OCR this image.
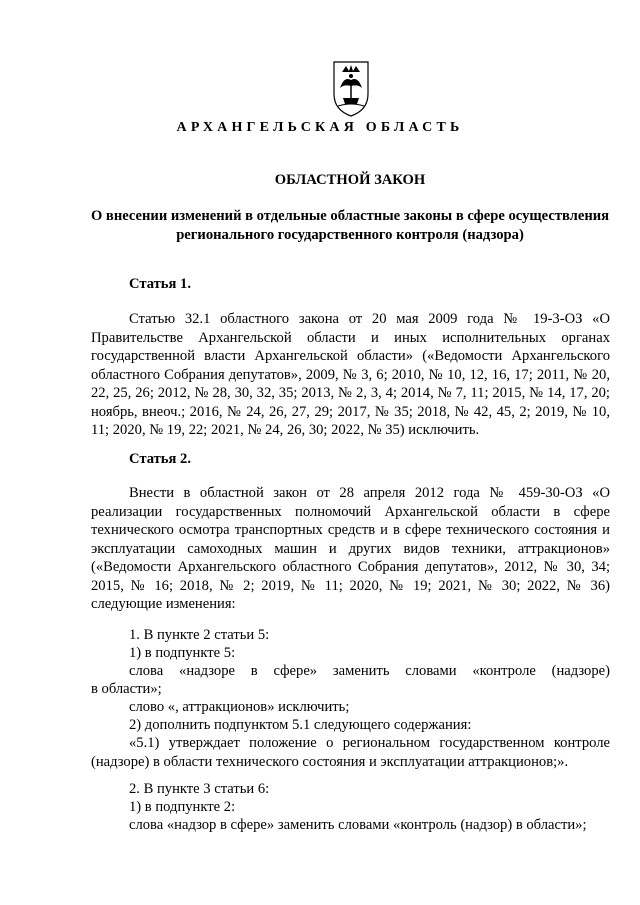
АРХАНГЕЛЬСКАЯ ОБЛАСТЬ
ОБЛАСТНОЙ ЗАКОН
О внесении изменений в отдельные областные законы в сфере осуществления регионального государственного контроля (надзора)
Статья 1.
Статью 32.1 областного закона от 20 мая 2009 года № 19-3-ОЗ «О Правительстве Архангельской области и иных исполнительных органах государственной власти Архангельской области» («Ведомости Архангельского областного Собрания депутатов», 2009, № 3, 6; 2010, № 10, 12, 16, 17; 2011, № 20, 22, 25, 26; 2012, № 28, 30, 32, 35; 2013, № 2, 3, 4; 2014, № 7, 11; 2015, № 14, 17, 20; ноябрь, внеоч.; 2016, № 24, 26, 27, 29; 2017, № 35; 2018, № 42, 45, 2; 2019, № 10, 11; 2020, № 19, 22; 2021, № 24, 26, 30; 2022, № 35) исключить.
Статья 2.
Внести в областной закон от 28 апреля 2012 года № 459-30-ОЗ «О реализации государственных полномочий Архангельской области в сфере технического осмотра транспортных средств и в сфере технического состояния и эксплуатации самоходных машин и других видов техники, аттракционов» («Ведомости Архангельского областного Собрания депутатов», 2012, № 30, 34; 2015, № 16; 2018, № 2; 2019, № 11; 2020, № 19; 2021, № 30; 2022, № 36) следующие изменения:
1. В пункте 2 статьи 5:
1) в подпункте 5:
слова «надзоре в сфере» заменить словами «контроле (надзоре)
в области»;
слово «, аттракционов» исключить;
2) дополнить подпунктом 5.1 следующего содержания:
«5.1) утверждает положение о региональном государственном контроле (надзоре) в области технического состояния и эксплуатации аттракционов;».
2. В пункте 3 статьи 6:
1) в подпункте 2:
слова «надзор в сфере» заменить словами «контроль (надзор) в области»;
